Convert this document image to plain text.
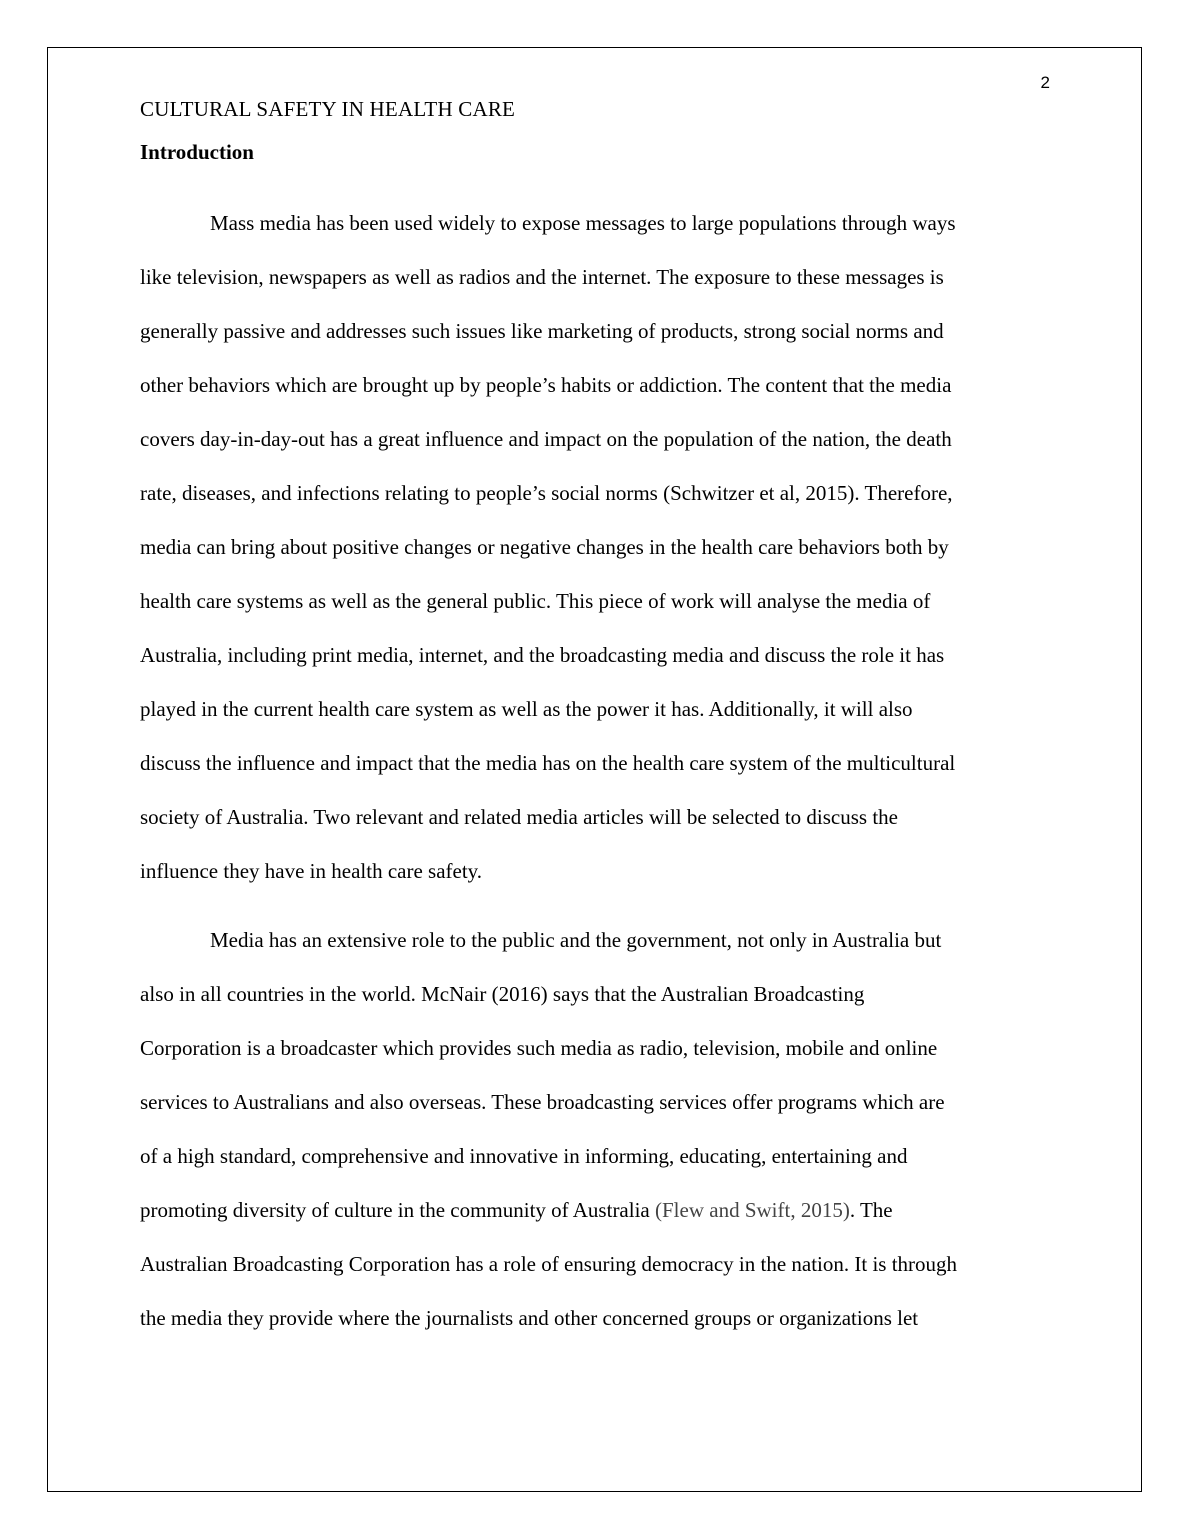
2
CULTURAL SAFETY IN HEALTH CARE
Introduction

Mass media has been used widely to expose messages to large populations through ways
like television, newspapers as well as radios and the internet. The exposure to these messages is
generally passive and addresses such issues like marketing of products, strong social norms and
other behaviors which are brought up by people’s habits or addiction. The content that the media
covers day-in-day-out has a great influence and impact on the population of the nation, the death
rate, diseases, and infections relating to people’s social norms (Schwitzer et al, 2015). Therefore,
media can bring about positive changes or negative changes in the health care behaviors both by
health care systems as well as the general public. This piece of work will analyse the media of
Australia, including print media, internet, and the broadcasting media and discuss the role it has
played in the current health care system as well as the power it has. Additionally, it will also
discuss the influence and impact that the media has on the health care system of the multicultural
society of Australia. Two relevant and related media articles will be selected to discuss the
influence they have in health care safety.

Media has an extensive role to the public and the government, not only in Australia but
also in all countries in the world. McNair (2016) says that the Australian Broadcasting
Corporation is a broadcaster which provides such media as radio, television, mobile and online
services to Australians and also overseas. These broadcasting services offer programs which are
of a high standard, comprehensive and innovative in informing, educating, entertaining and
promoting diversity of culture in the community of Australia (Flew and Swift, 2015). The
Australian Broadcasting Corporation has a role of ensuring democracy in the nation. It is through
the media they provide where the journalists and other concerned groups or organizations let
